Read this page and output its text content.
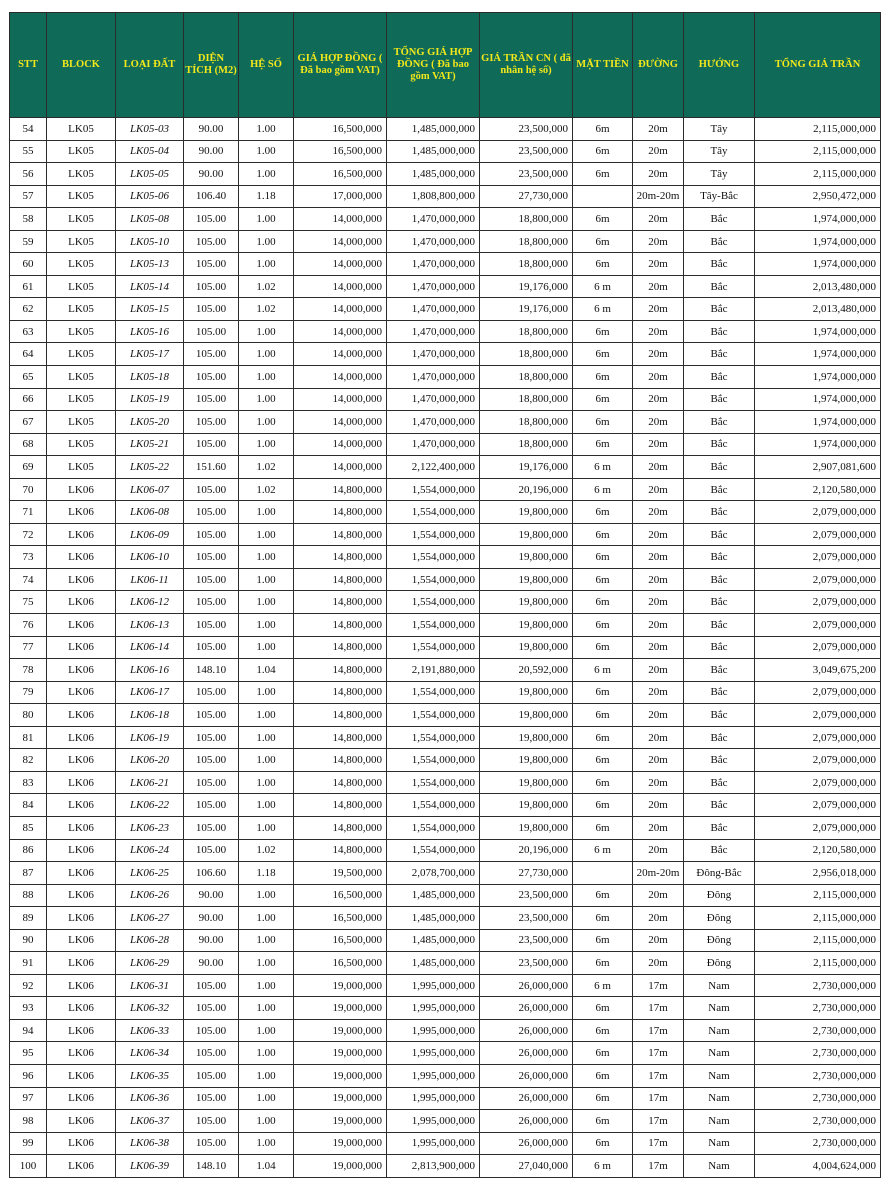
STT	BLOCK	LOẠI ĐẤT	DIỆN TÍCH (M2)	HỆ SỐ	GIÁ HỢP ĐỒNG ( Đã bao gồm VAT)	TỔNG GIÁ HỢP ĐỒNG ( Đã bao gồm VAT)	GIÁ TRẦN CN ( đã nhân hệ số)	MẶT TIỀN	ĐƯỜNG	HƯỚNG	TỔNG GIÁ TRẦN
54	LK05	LK05-03	90.00	1.00	16,500,000	1,485,000,000	23,500,000	6m	20m	Tây	2,115,000,000
55	LK05	LK05-04	90.00	1.00	16,500,000	1,485,000,000	23,500,000	6m	20m	Tây	2,115,000,000
56	LK05	LK05-05	90.00	1.00	16,500,000	1,485,000,000	23,500,000	6m	20m	Tây	2,115,000,000
57	LK05	LK05-06	106.40	1.18	17,000,000	1,808,800,000	27,730,000		20m-20m	Tây-Bắc	2,950,472,000
58	LK05	LK05-08	105.00	1.00	14,000,000	1,470,000,000	18,800,000	6m	20m	Bắc	1,974,000,000
59	LK05	LK05-10	105.00	1.00	14,000,000	1,470,000,000	18,800,000	6m	20m	Bắc	1,974,000,000
60	LK05	LK05-13	105.00	1.00	14,000,000	1,470,000,000	18,800,000	6m	20m	Bắc	1,974,000,000
61	LK05	LK05-14	105.00	1.02	14,000,000	1,470,000,000	19,176,000	6 m	20m	Bắc	2,013,480,000
62	LK05	LK05-15	105.00	1.02	14,000,000	1,470,000,000	19,176,000	6 m	20m	Bắc	2,013,480,000
63	LK05	LK05-16	105.00	1.00	14,000,000	1,470,000,000	18,800,000	6m	20m	Bắc	1,974,000,000
64	LK05	LK05-17	105.00	1.00	14,000,000	1,470,000,000	18,800,000	6m	20m	Bắc	1,974,000,000
65	LK05	LK05-18	105.00	1.00	14,000,000	1,470,000,000	18,800,000	6m	20m	Bắc	1,974,000,000
66	LK05	LK05-19	105.00	1.00	14,000,000	1,470,000,000	18,800,000	6m	20m	Bắc	1,974,000,000
67	LK05	LK05-20	105.00	1.00	14,000,000	1,470,000,000	18,800,000	6m	20m	Bắc	1,974,000,000
68	LK05	LK05-21	105.00	1.00	14,000,000	1,470,000,000	18,800,000	6m	20m	Bắc	1,974,000,000
69	LK05	LK05-22	151.60	1.02	14,000,000	2,122,400,000	19,176,000	6 m	20m	Bắc	2,907,081,600
70	LK06	LK06-07	105.00	1.02	14,800,000	1,554,000,000	20,196,000	6 m	20m	Bắc	2,120,580,000
71	LK06	LK06-08	105.00	1.00	14,800,000	1,554,000,000	19,800,000	6m	20m	Bắc	2,079,000,000
72	LK06	LK06-09	105.00	1.00	14,800,000	1,554,000,000	19,800,000	6m	20m	Bắc	2,079,000,000
73	LK06	LK06-10	105.00	1.00	14,800,000	1,554,000,000	19,800,000	6m	20m	Bắc	2,079,000,000
74	LK06	LK06-11	105.00	1.00	14,800,000	1,554,000,000	19,800,000	6m	20m	Bắc	2,079,000,000
75	LK06	LK06-12	105.00	1.00	14,800,000	1,554,000,000	19,800,000	6m	20m	Bắc	2,079,000,000
76	LK06	LK06-13	105.00	1.00	14,800,000	1,554,000,000	19,800,000	6m	20m	Bắc	2,079,000,000
77	LK06	LK06-14	105.00	1.00	14,800,000	1,554,000,000	19,800,000	6m	20m	Bắc	2,079,000,000
78	LK06	LK06-16	148.10	1.04	14,800,000	2,191,880,000	20,592,000	6 m	20m	Bắc	3,049,675,200
79	LK06	LK06-17	105.00	1.00	14,800,000	1,554,000,000	19,800,000	6m	20m	Bắc	2,079,000,000
80	LK06	LK06-18	105.00	1.00	14,800,000	1,554,000,000	19,800,000	6m	20m	Bắc	2,079,000,000
81	LK06	LK06-19	105.00	1.00	14,800,000	1,554,000,000	19,800,000	6m	20m	Bắc	2,079,000,000
82	LK06	LK06-20	105.00	1.00	14,800,000	1,554,000,000	19,800,000	6m	20m	Bắc	2,079,000,000
83	LK06	LK06-21	105.00	1.00	14,800,000	1,554,000,000	19,800,000	6m	20m	Bắc	2,079,000,000
84	LK06	LK06-22	105.00	1.00	14,800,000	1,554,000,000	19,800,000	6m	20m	Bắc	2,079,000,000
85	LK06	LK06-23	105.00	1.00	14,800,000	1,554,000,000	19,800,000	6m	20m	Bắc	2,079,000,000
86	LK06	LK06-24	105.00	1.02	14,800,000	1,554,000,000	20,196,000	6 m	20m	Bắc	2,120,580,000
87	LK06	LK06-25	106.60	1.18	19,500,000	2,078,700,000	27,730,000		20m-20m	Đông-Bắc	2,956,018,000
88	LK06	LK06-26	90.00	1.00	16,500,000	1,485,000,000	23,500,000	6m	20m	Đông	2,115,000,000
89	LK06	LK06-27	90.00	1.00	16,500,000	1,485,000,000	23,500,000	6m	20m	Đông	2,115,000,000
90	LK06	LK06-28	90.00	1.00	16,500,000	1,485,000,000	23,500,000	6m	20m	Đông	2,115,000,000
91	LK06	LK06-29	90.00	1.00	16,500,000	1,485,000,000	23,500,000	6m	20m	Đông	2,115,000,000
92	LK06	LK06-31	105.00	1.00	19,000,000	1,995,000,000	26,000,000	6 m	17m	Nam	2,730,000,000
93	LK06	LK06-32	105.00	1.00	19,000,000	1,995,000,000	26,000,000	6m	17m	Nam	2,730,000,000
94	LK06	LK06-33	105.00	1.00	19,000,000	1,995,000,000	26,000,000	6m	17m	Nam	2,730,000,000
95	LK06	LK06-34	105.00	1.00	19,000,000	1,995,000,000	26,000,000	6m	17m	Nam	2,730,000,000
96	LK06	LK06-35	105.00	1.00	19,000,000	1,995,000,000	26,000,000	6m	17m	Nam	2,730,000,000
97	LK06	LK06-36	105.00	1.00	19,000,000	1,995,000,000	26,000,000	6m	17m	Nam	2,730,000,000
98	LK06	LK06-37	105.00	1.00	19,000,000	1,995,000,000	26,000,000	6m	17m	Nam	2,730,000,000
99	LK06	LK06-38	105.00	1.00	19,000,000	1,995,000,000	26,000,000	6m	17m	Nam	2,730,000,000
100	LK06	LK06-39	148.10	1.04	19,000,000	2,813,900,000	27,040,000	6 m	17m	Nam	4,004,624,000
